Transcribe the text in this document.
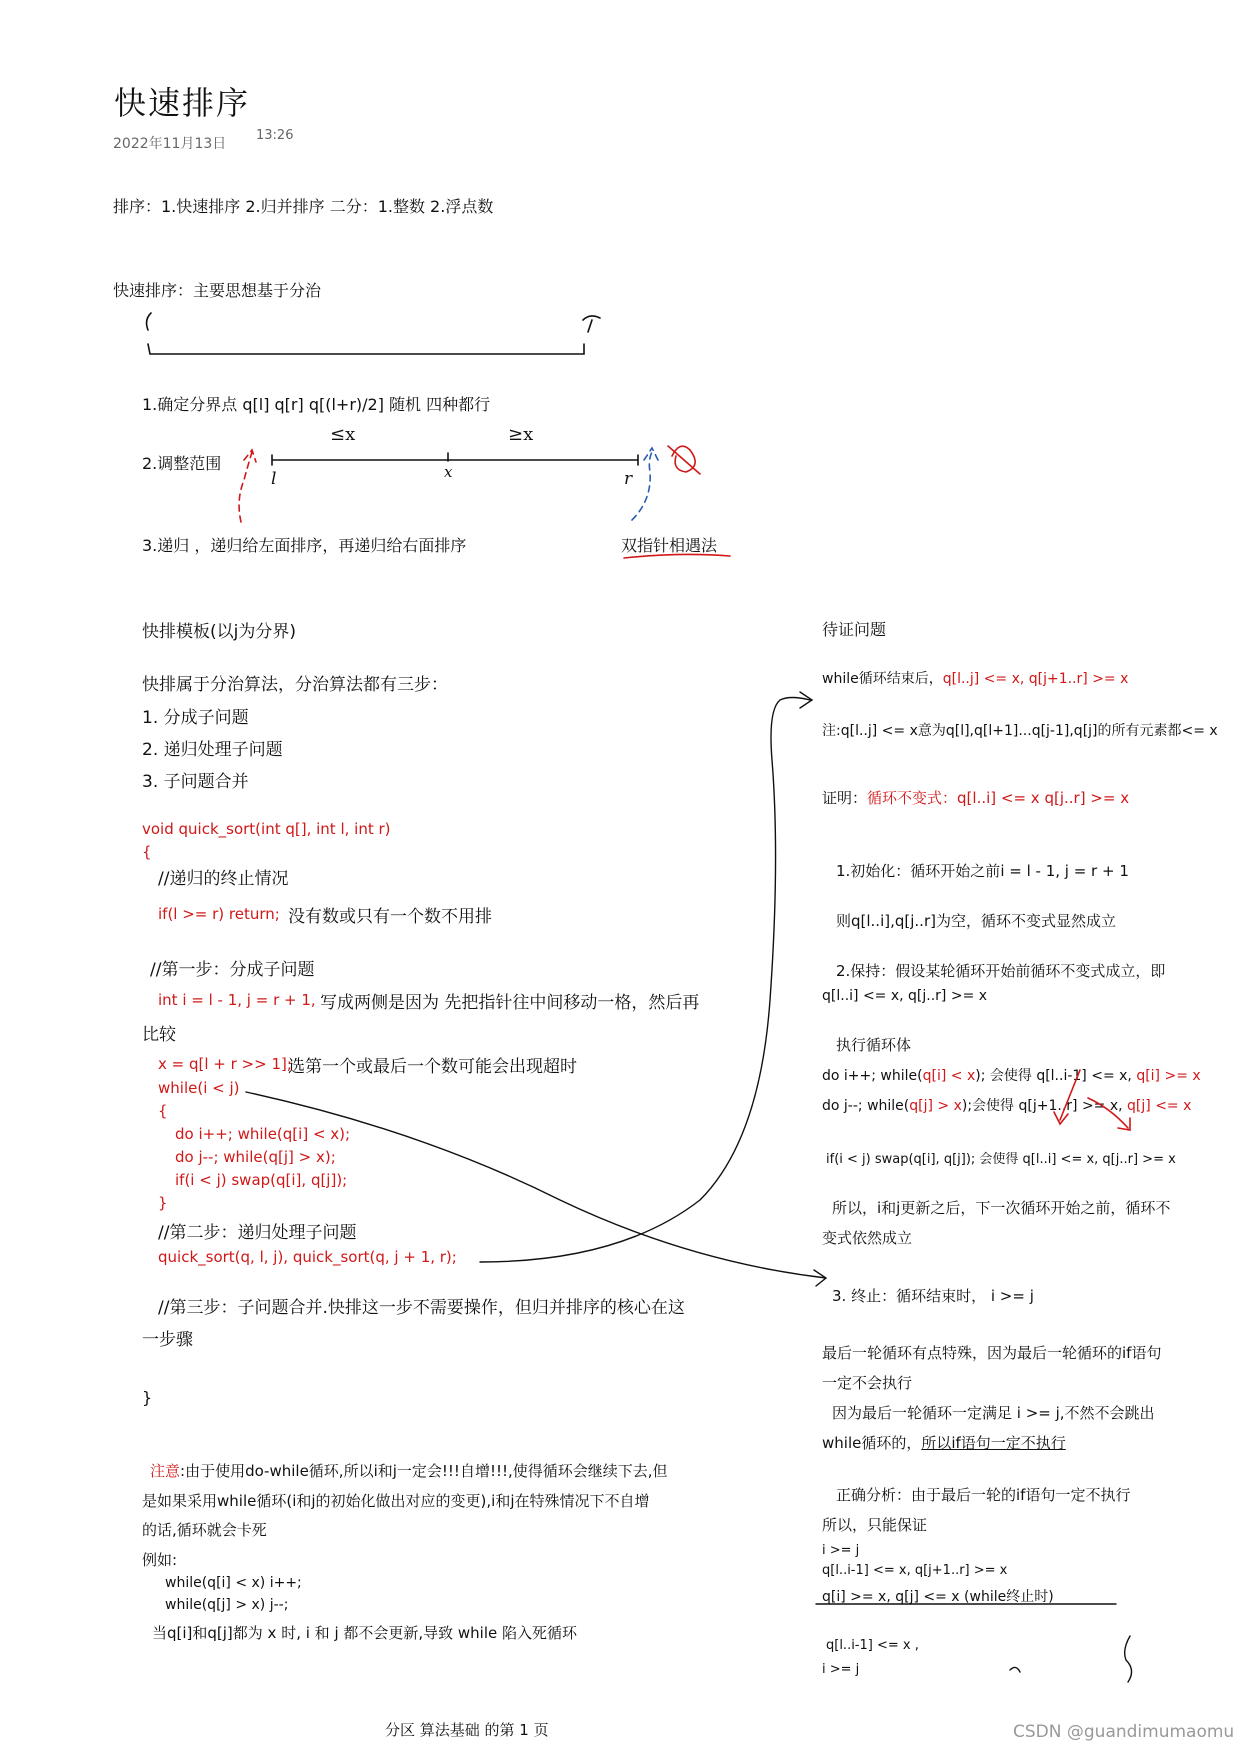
快速排序
2022年11月13日
13:26
排序：1.快速排序 2.归并排序 二分：1.整数 2.浮点数
快速排序：主要思想基于分治
1.确定分界点 q[l] q[r] q[(l+r)/2] 随机 四种都行
2.调整范围
3.递归 ，递归给左面排序，再递归给右面排序	双指针相遇法
≤x	≥x
l	x	r
快排模板(以j为分界)
快排属于分治算法，分治算法都有三步：
1. 分成子问题
2. 递归处理子问题
3. 子问题合并
void quick_sort(int q[], int l, int r)
{
//递归的终止情况
if(l >= r) return; 没有数或只有一个数不用排
//第一步：分成子问题
int i = l - 1, j = r + 1, 写成两侧是因为 先把指针往中间移动一格，然后再
比较
x = q[l + r >> 1];
选第一个或最后一个数可能会出现超时
while(i < j)
{
do i++; while(q[i] < x);
do j--; while(q[j] > x);
if(i < j) swap(q[i], q[j]);
}
//第二步：递归处理子问题
quick_sort(q, l, j), quick_sort(q, j + 1, r);
//第三步：子问题合并.快排这一步不需要操作，但归并排序的核心在这
一步骤
}
注意:由于使用do-while循环,所以i和j一定会!!!自增!!!,使得循环会继续下去,但
是如果采用while循环(i和j的初始化做出对应的变更),i和j在特殊情况下不自增
的话,循环就会卡死
例如:
while(q[i] < x) i++;
while(q[j] > x) j--;
当q[i]和q[j]都为 x 时, i 和 j 都不会更新,导致 while 陷入死循环
待证问题
while循环结束后，q[l..j] <= x, q[j+1..r] >= x
注:q[l..j] <= x意为q[l],q[l+1]...q[j-1],q[j]的所有元素都<= x
证明：循环不变式：q[l..i] <= x q[j..r] >= x
1.初始化：循环开始之前i = l - 1, j = r + 1
则q[l..i],q[j..r]为空，循环不变式显然成立
2.保持：假设某轮循环开始前循环不变式成立，即
q[l..i] <= x, q[j..r] >= x
执行循环体
do i++; while(q[i] < x); 会使得 q[l..i-1] <= x, q[i] >= x
do j--; while(q[j] > x);会使得 q[j+1..r] >= x, q[j] <= x
if(i < j) swap(q[i], q[j]); 会使得 q[l..i] <= x, q[j..r] >= x
所以，i和j更新之后，下一次循环开始之前，循环不
变式依然成立
3. 终止：循环结束时， i >= j
最后一轮循环有点特殊，因为最后一轮循环的if语句
一定不会执行
因为最后一轮循环一定满足 i >= j,不然不会跳出
while循环的，所以if语句一定不执行
正确分析：由于最后一轮的if语句一定不执行
所以，只能保证
i >= j
q[l..i-1] <= x, q[j+1..r] >= x
q[i] >= x, q[j] <= x (while终止时)
q[l..i-1] <= x ,
i >= j
分区 算法基础 的第 1 页	CSDN @guandimumaomu
